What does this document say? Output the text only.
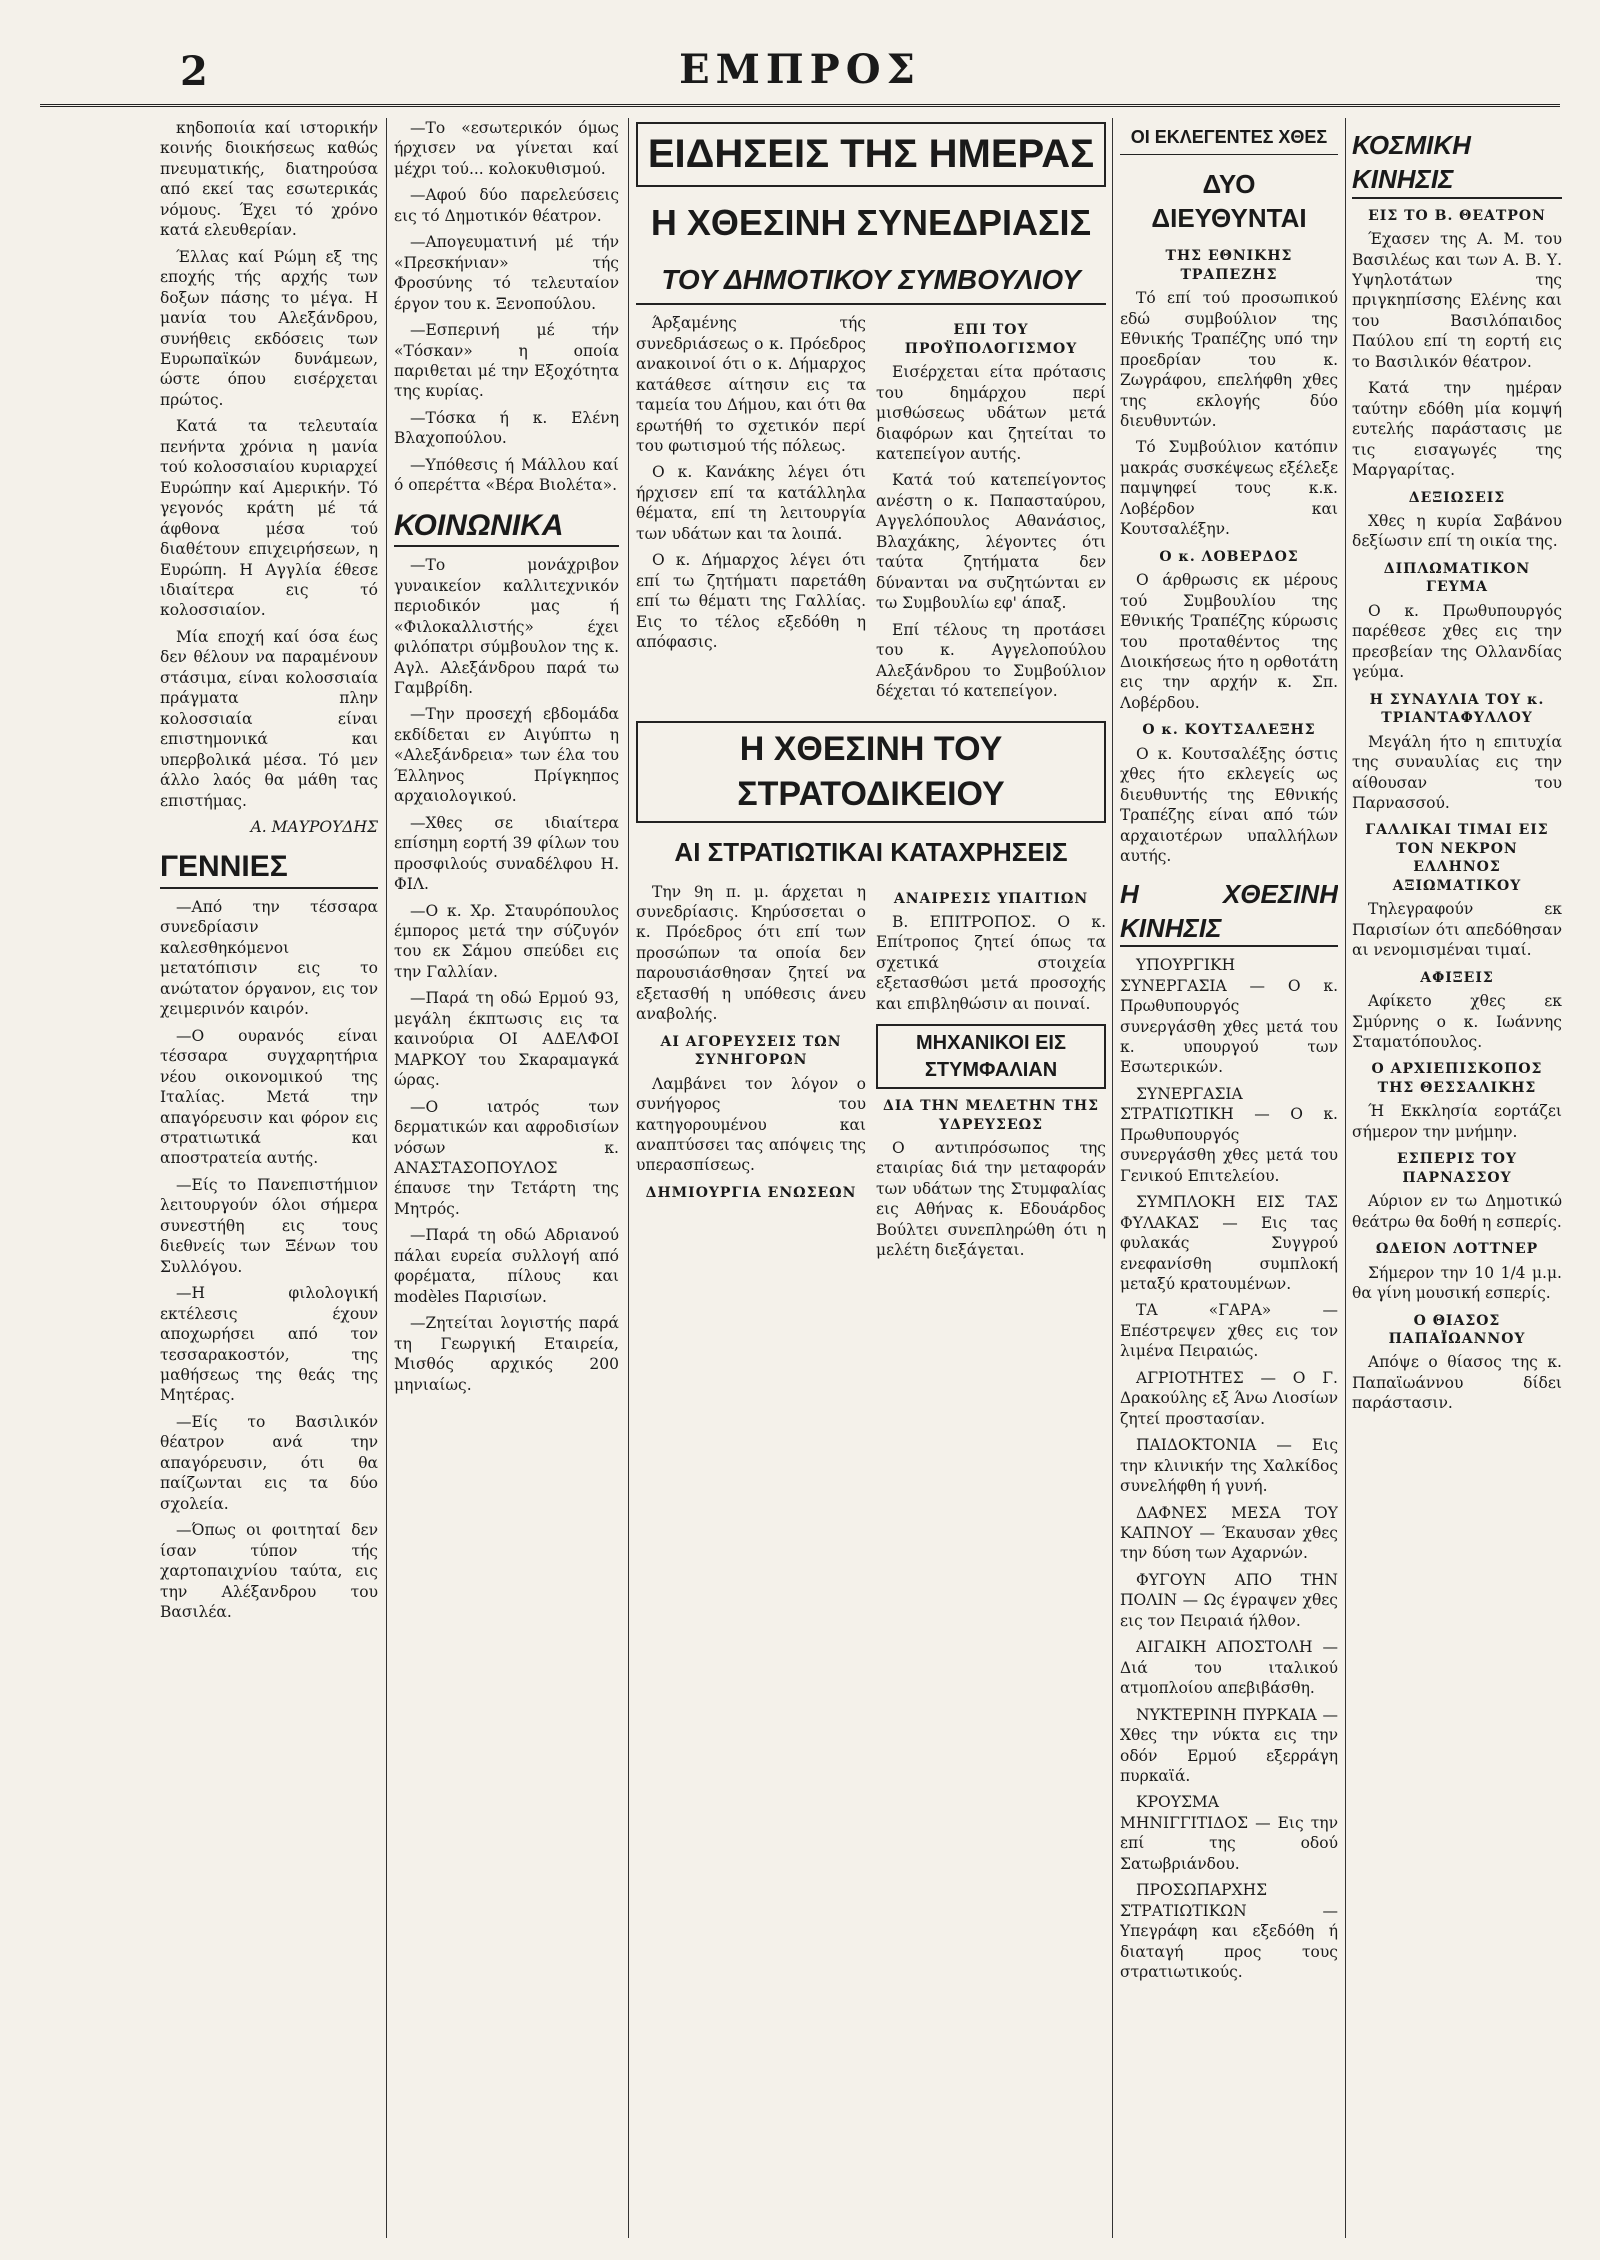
2	ΕΜΠΡΟΣ

κηδοποιία καί ιστορικήν κοινής διοικήσεως καθώς πνευματικής, διατηρούσα από εκεί τας εσωτερικάς νόμους. Έχει τό χρόνο κατά ελευθερίαν.

Έλλας καί Ρώμη εξ της εποχής τής αρχής των δοξων πάσης το μέγα. Η μανία του Αλεξάνδρου, συνήθεις εκδόσεις των Ευρωπαϊκών δυνάμεων, ώστε όπου εισέρχεται πρώτος.

Κατά τα τελευταία πενήντα χρόνια η μανία τού κολοσσιαίου κυριαρχεί Ευρώπην καί Αμερικήν. Τό γεγονός κράτη μέ τά άφθονα μέσα τού διαθέτουν επιχειρήσεων, η Ευρώπη. Η Αγγλία έθεσε ιδιαίτερα εις τό κολοσσιαίον.

Μία εποχή καί όσα έως δεν θέλουν να παραμένουν στάσιμα, είναι κολοσσιαία πράγματα πλην κολοσσιαία είναι επιστημονικά και υπερβολικά μέσα. Τό μεν άλλο λαός θα μάθη τας επιστήμας.

Α. ΜΑΥΡΟΥΔΗΣ
ΓΕΝΝΙΕΣ

—Από την τέσσαρα συνεδρίασιν καλεσθηκόμενοι μετατόπισιν εις το ανώτατον όργανον, εις τον χειμερινόν καιρόν.

—Ο ουρανός είναι τέσσαρα συγχαρητήρια νέου οικονομικού της Ιταλίας. Μετά την απαγόρευσιν και φόρον εις στρατιωτικά και αποστρατεία αυτής.

—Είς το Πανεπιστήμιον λειτουργούν όλοι σήμερα συνεστήθη εις τους διεθνείς των Ξένων του Συλλόγου.

—Η φιλολογική εκτέλεσις έχουν αποχωρήσει από τον τεσσαρακοστόν, της μαθήσεως της θεάς της Μητέρας.

—Είς το Βασιλικόν θέατρον ανά την απαγόρευσιν, ότι θα παίζωνται εις τα δύο σχολεία.

—Όπως οι φοιτηταί δεν ίσαν τύπον τής χαρτοπαιχνίου ταύτα, εις την Αλέξανδρου του Βασιλέα.

—Το «εσωτερικόν όμως ήρχισεν να γίνεται καί μέχρι τού... κολοκυθισμού.

—Αφού δύο παρελεύσεις εις τό Δημοτικόν θέατρον.

—Απογευματινή μέ τήν «Πρεσκήνιαν» τής Φροσύνης τό τελευταίον έργον του κ. Ξενοπούλου.

—Εσπερινή μέ τήν «Τόσκαν» η οποία παριθεται μέ την Εξοχότητα της κυρίας.

—Τόσκα ή κ. Ελένη Βλαχοπούλου.

—Υπόθεσις ή Μάλλου καί ό οπερέττα «Βέρα Βιολέτα».

ΚΟΙΝΩΝΙΚΑ

—Το μονάχριβον γυναικείον καλλιτεχνικόν περιοδικόν μας ή «Φιλοκαλλιστής» έχει φιλόπατρι σύμβουλον της κ. Αγλ. Αλεξάνδρου παρά τω Γαμβρίδη.

—Την προσεχή εβδομάδα εκδίδεται εν Αιγύπτω η «Αλεξάνδρεια» των έλα του Έλληνος Πρίγκηπος αρχαιολογικού.

—Χθες σε ιδιαίτερα επίσημη εορτή 39 φίλων του προσφιλούς συναδέλφου Η. ΦΙΛ.

—Ο κ. Χρ. Σταυρόπουλος έμπορος μετά την σύζυγόν του εκ Σάμου σπεύδει εις την Γαλλίαν.

—Παρά τη οδώ Ερμού 93, μεγάλη έκπτωσις εις τα καινούρια ΟΙ ΑΔΕΛΦΟΙ ΜΑΡΚΟΥ του Σκαραμαγκά ώρας.

—Ο ιατρός των δερματικών και αφροδισίων νόσων κ. ΑΝΑΣΤΑΣΟΠΟΥΛΟΣ έπαυσε την Τετάρτη της Μητρός.

—Παρά τη οδώ Αδριανού πάλαι ευρεία συλλογή από φορέματα, πίλους και modèles Παρισίων.

—Ζητείται λογιστής παρά τη Γεωργική Εταιρεία, Μισθός αρχικός 200 μηνιαίως.

ΕΙΔΗΣΕΙΣ ΤΗΣ ΗΜΕΡΑΣ
Η ΧΘΕΣΙΝΗ ΣΥΝΕΔΡΙΑΣΙΣ
ΤΟΥ ΔΗΜΟΤΙΚΟΥ ΣΥΜΒΟΥΛΙΟΥ

Άρξαμένης τής συνεδριάσεως ο κ. Πρόεδρος ανακοινοί ότι ο κ. Δήμαρχος κατάθεσε αίτησιν εις τα ταμεία του Δήμου, και ότι θα ερωτήθή το σχετικόν περί του φωτισμού τής πόλεως.

Ο κ. Κανάκης λέγει ότι ήρχισεν επί τα κατάλληλα θέματα, επί τη λειτουργία των υδάτων και τα λοιπά.

Ο κ. Δήμαρχος λέγει ότι επί τω ζητήματι παρετάθη επί τω θέματι της Γαλλίας. Εις το τέλος εξεδόθη η απόφασις.

ΕΠΙ ΤΟΥ ΠΡΟΫΠΟΛΟΓΙΣΜΟΥ

Εισέρχεται είτα πρότασις του δημάρχου περί μισθώσεως υδάτων μετά διαφόρων και ζητείται το κατεπείγον αυτής.

Κατά τού κατεπείγοντος ανέστη ο κ. Παπασταύρου, Αγγελόπουλος Αθανάσιος, Βλαχάκης, λέγοντες ότι ταύτα ζητήματα δεν δύνανται να συζητώνται εν τω Συμβουλίω εφ' άπαξ.

Επί τέλους τη προτάσει του κ. Αγγελοπούλου Αλεξάνδρου το Συμβούλιον δέχεται τό κατεπείγον.

Η ΧΘΕΣΙΝΗ ΤΟΥ ΣΤΡΑΤΟΔΙΚΕΙΟΥ
ΑΙ ΣΤΡΑΤΙΩΤΙΚΑΙ ΚΑΤΑΧΡΗΣΕΙΣ

Την 9η π. μ. άρχεται η συνεδρίασις. Κηρύσσεται ο κ. Πρόεδρος ότι επί των προσώπων τα οποία δεν παρουσιάσθησαν ζητεί να εξετασθή η υπόθεσις άνευ αναβολής.

ΑΙ ΑΓΟΡΕΥΣΕΙΣ ΤΩΝ ΣΥΝΗΓΟΡΩΝ

Λαμβάνει τον λόγον ο συνήγορος του κατηγορουμένου και αναπτύσσει τας απόψεις της υπερασπίσεως.

ΔΗΜΙΟΥΡΓΙΑ ΕΝΩΣΕΩΝ
ΑΝΑΙΡΕΣΙΣ ΥΠΑΙΤΙΩΝ

Β. ΕΠΙΤΡΟΠΟΣ. Ο κ. Επίτροπος ζητεί όπως τα σχετικά στοιχεία εξετασθώσι μετά προσοχής και επιβληθώσιν αι ποιναί.

ΜΗΧΑΝΙΚΟΙ ΕΙΣ ΣΤΥΜΦΑΛΙΑΝ
ΔΙΑ ΤΗΝ ΜΕΛΕΤΗΝ ΤΗΣ ΥΔΡΕΥΣΕΩΣ

Ο αντιπρόσωπος της εταιρίας διά την μεταφοράν των υδάτων της Στυμφαλίας εις Αθήνας κ. Εδουάρδος Βούλτει συνεπληρώθη ότι η μελέτη διεξάγεται.

ΟΙ ΕΚΛΕΓΕΝΤΕΣ ΧΘΕΣ
ΔΥΟ ΔΙΕΥΘΥΝΤΑΙ
ΤΗΣ ΕΘΝΙΚΗΣ ΤΡΑΠΕΖΗΣ

Τό επί τού προσωπικού εδώ συμβούλιον της Εθνικής Τραπέζης υπό την προεδρίαν του κ. Ζωγράφου, επελήφθη χθες της εκλογής δύο διευθυντών.

Τό Συμβούλιον κατόπιν μακράς συσκέψεως εξέλεξε παμψηφεί τους κ.κ. Λοβέρδον και Κουτσαλέξην.

Ο κ. ΛΟΒΕΡΔΟΣ

Ο άρθρωσις εκ μέρους τού Συμβουλίου της Εθνικής Τραπέζης κύρωσις του προταθέντος της Διοικήσεως ήτο η ορθοτάτη εις την αρχήν κ. Σπ. Λοβέρδου.

Ο κ. ΚΟΥΤΣΑΛΕΞΗΣ

Ο κ. Κουτσαλέξης όστις χθες ήτο εκλεγείς ως διευθυντής της Εθνικής Τραπέζης είναι από τών αρχαιοτέρων υπαλλήλων αυτής.

Η ΧΘΕΣΙΝΗ ΚΙΝΗΣΙΣ

ΥΠΟΥΡΓΙΚΗ ΣΥΝΕΡΓΑΣΙΑ — Ο κ. Πρωθυπουργός συνεργάσθη χθες μετά του κ. υπουργού των Εσωτερικών.

ΣΥΝΕΡΓΑΣΙΑ ΣΤΡΑΤΙΩΤΙΚΗ — Ο κ. Πρωθυπουργός συνεργάσθη χθες μετά του Γενικού Επιτελείου.

ΣΥΜΠΛΟΚΗ ΕΙΣ ΤΑΣ ΦΥΛΑΚΑΣ — Εις τας φυλακάς Συγγρού ενεφανίσθη συμπλοκή μεταξύ κρατουμένων.

ΤΑ «ΓΑΡΑ» — Επέστρεψεν χθες εις τον λιμένα Πειραιώς.

ΑΓΡΙΟΤΗΤΕΣ — Ο Γ. Δρακούλης εξ Άνω Λιοσίων ζητεί προστασίαν.

ΠΑΙΔΟΚΤΟΝΙΑ — Εις την κλινικήν της Χαλκίδος συνελήφθη ή γυνή.

ΔΑΦΝΕΣ ΜΕΣΑ ΤΟΥ ΚΑΠΝΟΥ — Έκαυσαν χθες την δύση των Αχαρνών.

ΦΥΓΟΥΝ ΑΠΟ ΤΗΝ ΠΟΛΙΝ — Ως έγραψεν χθες εις τον Πειραιά ήλθον.

ΑΙΓΑΙΚΗ ΑΠΟΣΤΟΛΗ — Διά του ιταλικού ατμοπλοίου απεβιβάσθη.

ΝΥΚΤΕΡΙΝΗ ΠΥΡΚΑΙΑ — Χθες την νύκτα εις την οδόν Ερμού εξερράγη πυρκαϊά.

ΚΡΟΥΣΜΑ ΜΗΝΙΓΓΙΤΙΔΟΣ — Εις την επί της οδού Σατωβριάνδου.

ΠΡΟΣΩΠΑΡΧΗΣ ΣΤΡΑΤΙΩΤΙΚΩΝ — Υπεγράφη και εξεδόθη ή διαταγή προς τους στρατιωτικούς.

ΚΟΣΜΙΚΗ ΚΙΝΗΣΙΣ
ΕΙΣ ΤΟ Β. ΘΕΑΤΡΟΝ

Έχασεν της Α. Μ. του Βασιλέως και των Α. Β. Υ. Υψηλοτάτων της πριγκηπίσσης Ελένης και του Βασιλόπαιδος Παύλου επί τη εορτή εις το Βασιλικόν θέατρον.

Κατά την ημέραν ταύτην εδόθη μία κομψή ευτελής παράστασις με τις εισαγωγές της Μαργαρίτας.

ΔΕΞΙΩΣΕΙΣ

Χθες η κυρία Σαβάνου δεξίωσιν επί τη οικία της.

ΔΙΠΛΩΜΑΤΙΚΟΝ ΓΕΥΜΑ

Ο κ. Πρωθυπουργός παρέθεσε χθες εις την πρεσβείαν της Ολλανδίας γεύμα.

Η ΣΥΝΑΥΛΙΑ ΤΟΥ κ. ΤΡΙΑΝΤΑΦΥΛΛΟΥ

Μεγάλη ήτο η επιτυχία της συναυλίας εις την αίθουσαν του Παρνασσού.

ΓΑΛΛΙΚΑΙ ΤΙΜΑΙ ΕΙΣ ΤΟΝ ΝΕΚΡΟΝ ΕΛΛΗΝΟΣ ΑΞΙΩΜΑΤΙΚΟΥ

Τηλεγραφούν εκ Παρισίων ότι απεδόθησαν αι νενομισμέναι τιμαί.

ΑΦΙΞΕΙΣ

Αφίκετο χθες εκ Σμύρνης ο κ. Ιωάννης Σταματόπουλος.

Ο ΑΡΧΙΕΠΙΣΚΟΠΟΣ ΤΗΣ ΘΕΣΣΑΛΙΚΗΣ

Ή Εκκλησία εορτάζει σήμερον την μνήμην.

ΕΣΠΕΡΙΣ ΤΟΥ ΠΑΡΝΑΣΣΟΥ

Αύριον εν τω Δημοτικώ θεάτρω θα δοθή η εσπερίς.

ΩΔΕΙΟΝ ΛΟΤΤΝΕΡ

Σήμερον την 10 1/4 μ.μ. θα γίνη μουσική εσπερίς.

Ο ΘΙΑΣΟΣ ΠΑΠΑΪΩΑΝΝΟΥ

Απόψε ο θίασος της κ. Παπαϊωάννου δίδει παράστασιν.
